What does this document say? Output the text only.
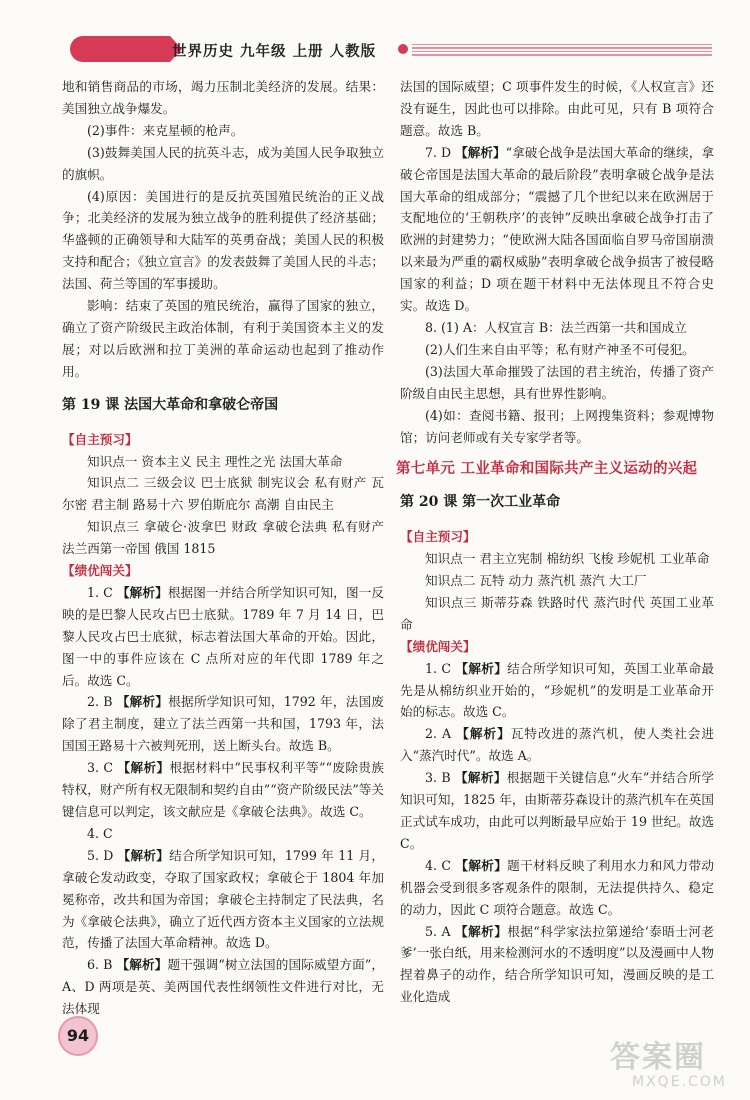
世界历史 九年级 上册 人教版

地和销售商品的市场，竭力压制北美经济的发展。结果：美国独立战争爆发。

(2)事件：来克星顿的枪声。

(3)鼓舞美国人民的抗英斗志，成为美国人民争取独立的旗帜。

(4)原因：美国进行的是反抗英国殖民统治的正义战争；北美经济的发展为独立战争的胜利提供了经济基础；华盛顿的正确领导和大陆军的英勇奋战；美国人民的积极支持和配合；《独立宣言》的发表鼓舞了美国人民的斗志；法国、荷兰等国的军事援助。

影响：结束了英国的殖民统治，赢得了国家的独立，确立了资产阶级民主政治体制，有利于美国资本主义的发展；对以后欧洲和拉丁美洲的革命运动也起到了推动作用。

第 19 课 法国大革命和拿破仑帝国

【自主预习】

知识点一 资本主义 民主 理性之光 法国大革命

知识点二 三级会议 巴士底狱 制宪议会 私有财产 瓦尔密 君主制 路易十六 罗伯斯庇尔 高潮 自由民主

知识点三 拿破仑·波拿巴 财政 拿破仑法典 私有财产 法兰西第一帝国 俄国 1815

【绩优闯关】

1. C 【解析】根据图一并结合所学知识可知，图一反映的是巴黎人民攻占巴士底狱。1789 年 7 月 14 日，巴黎人民攻占巴士底狱，标志着法国大革命的开始。因此，图一中的事件应该在 C 点所对应的年代即 1789 年之后。故选 C。

2. B 【解析】根据所学知识可知，1792 年，法国废除了君主制度，建立了法兰西第一共和国，1793 年，法国国王路易十六被判死刑，送上断头台。故选 B。

3. C 【解析】根据材料中“民事权利平等”“废除贵族特权，财产所有权无限制和契约自由”“资产阶级民法”等关键信息可以判定，该文献应是《拿破仑法典》。故选 C。

4. C

5. D 【解析】结合所学知识可知，1799 年 11 月，拿破仑发动政变，夺取了国家政权；拿破仑于 1804 年加冕称帝，改共和国为帝国；拿破仑主持制定了民法典，名为《拿破仑法典》，确立了近代西方资本主义国家的立法规范，传播了法国大革命精神。故选 D。

6. B 【解析】题干强调“树立法国的国际威望方面”，A、D 两项是英、美两国代表性纲领性文件进行对比，无法体现

法国的国际威望；C 项事件发生的时候，《人权宣言》还没有诞生，因此也可以排除。由此可见，只有 B 项符合题意。故选 B。

7. D 【解析】“拿破仑战争是法国大革命的继续，拿破仑帝国是法国大革命的最后阶段”表明拿破仑战争是法国大革命的组成部分；“震撼了几个世纪以来在欧洲居于支配地位的‘王朝秩序’的丧钟”反映出拿破仑战争打击了欧洲的封建势力；“使欧洲大陆各国面临自罗马帝国崩溃以来最为严重的霸权威胁”表明拿破仑战争损害了被侵略国家的利益；D 项在题干材料中无法体现且不符合史实。故选 D。

8. (1) A：人权宣言 B：法兰西第一共和国成立

(2)人们生来自由平等；私有财产神圣不可侵犯。

(3)法国大革命摧毁了法国的君主统治，传播了资产阶级自由民主思想，具有世界性影响。

(4)如：查阅书籍、报刊；上网搜集资料；参观博物馆；访问老师或有关专家学者等。

第七单元 工业革命和国际共产主义运动的兴起

第 20 课 第一次工业革命

【自主预习】

知识点一 君主立宪制 棉纺织 飞梭 珍妮机 工业革命

知识点二 瓦特 动力 蒸汽机 蒸汽 大工厂

知识点三 斯蒂芬森 铁路时代 蒸汽时代 英国工业革命

【绩优闯关】

1. C 【解析】结合所学知识可知，英国工业革命最先是从棉纺织业开始的，“珍妮机”的发明是工业革命开始的标志。故选 C。

2. A 【解析】瓦特改进的蒸汽机，使人类社会进入“蒸汽时代”。故选 A。

3. B 【解析】根据题干关键信息“火车”并结合所学知识可知，1825 年，由斯蒂芬森设计的蒸汽机车在英国正式试车成功，由此可以判断最早应始于 19 世纪。故选 C。

4. C 【解析】题干材料反映了利用水力和风力带动机器会受到很多客观条件的限制，无法提供持久、稳定的动力，因此 C 项符合题意。故选 C。

5. A 【解析】根据“科学家法拉第递给‘泰晤士河老爹’一张白纸，用来检测河水的不透明度”以及漫画中人物捏着鼻子的动作，结合所学知识可知，漫画反映的是工业化造成

94
答案圈
MXQE.COM
